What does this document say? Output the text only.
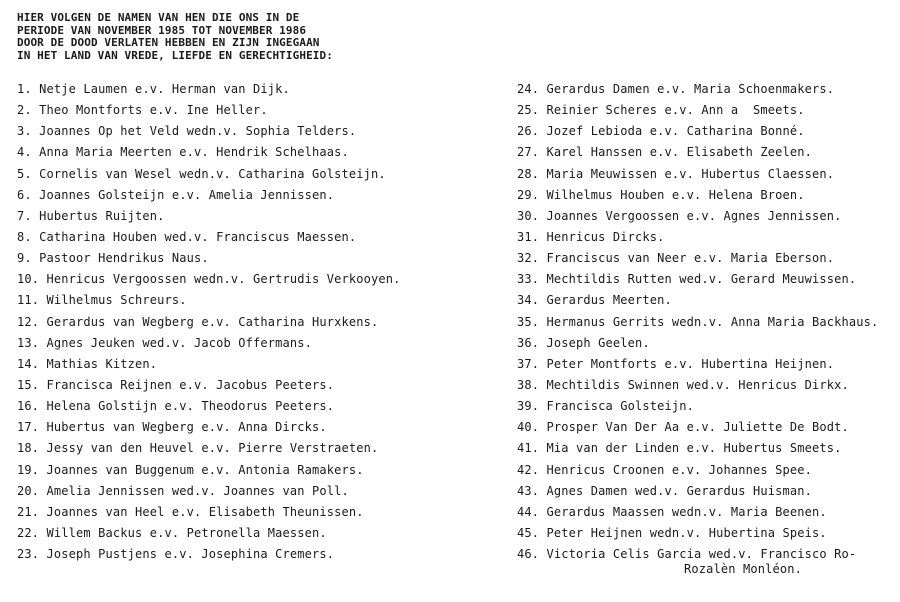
HIER VOLGEN DE NAMEN VAN HEN DIE ONS IN DE
PERIODE VAN NOVEMBER 1985 TOT NOVEMBER 1986
DOOR DE DOOD VERLATEN HEBBEN EN ZIJN INGEGAAN
IN HET LAND VAN VREDE, LIEFDE EN GERECHTIGHEID:
1. Netje Laumen e.v. Herman van Dijk.
2. Theo Montforts e.v. Ine Heller.
3. Joannes Op het Veld wedn.v. Sophia Telders.
4. Anna Maria Meerten e.v. Hendrik Schelhaas.
5. Cornelis van Wesel wedn.v. Catharina Golsteijn.
6. Joannes Golsteijn e.v. Amelia Jennissen.
7. Hubertus Ruijten.
8. Catharina Houben wed.v. Franciscus Maessen.
9. Pastoor Hendrikus Naus.
10. Henricus Vergoossen wedn.v. Gertrudis Verkooyen.
11. Wilhelmus Schreurs.
12. Gerardus van Wegberg e.v. Catharina Hurxkens.
13. Agnes Jeuken wed.v. Jacob Offermans.
14. Mathias Kitzen.
15. Francisca Reijnen e.v. Jacobus Peeters.
16. Helena Golstijn e.v. Theodorus Peeters.
17. Hubertus van Wegberg e.v. Anna Dircks.
18. Jessy van den Heuvel e.v. Pierre Verstraeten.
19. Joannes van Buggenum e.v. Antonia Ramakers.
20. Amelia Jennissen wed.v. Joannes van Poll.
21. Joannes van Heel e.v. Elisabeth Theunissen.
22. Willem Backus e.v. Petronella Maessen.
23. Joseph Pustjens e.v. Josephina Cremers.
24. Gerardus Damen e.v. Maria Schoenmakers.
25. Reinier Scheres e.v. Ann a  Smeets.
26. Jozef Lebioda e.v. Catharina Bonné.
27. Karel Hanssen e.v. Elisabeth Zeelen.
28. Maria Meuwissen e.v. Hubertus Claessen.
29. Wilhelmus Houben e.v. Helena Broen.
30. Joannes Vergoossen e.v. Agnes Jennissen.
31. Henricus Dircks.
32. Franciscus van Neer e.v. Maria Eberson.
33. Mechtildis Rutten wed.v. Gerard Meuwissen.
34. Gerardus Meerten.
35. Hermanus Gerrits wedn.v. Anna Maria Backhaus.
36. Joseph Geelen.
37. Peter Montforts e.v. Hubertina Heijnen.
38. Mechtildis Swinnen wed.v. Henricus Dirkx.
39. Francisca Golsteijn.
40. Prosper Van Der Aa e.v. Juliette De Bodt.
41. Mia van der Linden e.v. Hubertus Smeets.
42. Henricus Croonen e.v. Johannes Spee.
43. Agnes Damen wed.v. Gerardus Huisman.
44. Gerardus Maassen wedn.v. Maria Beenen.
45. Peter Heijnen wedn.v. Hubertina Speis.
46. Victoria Celis Garcia wed.v. Francisco Ro-
Rozalèn Monléon.
